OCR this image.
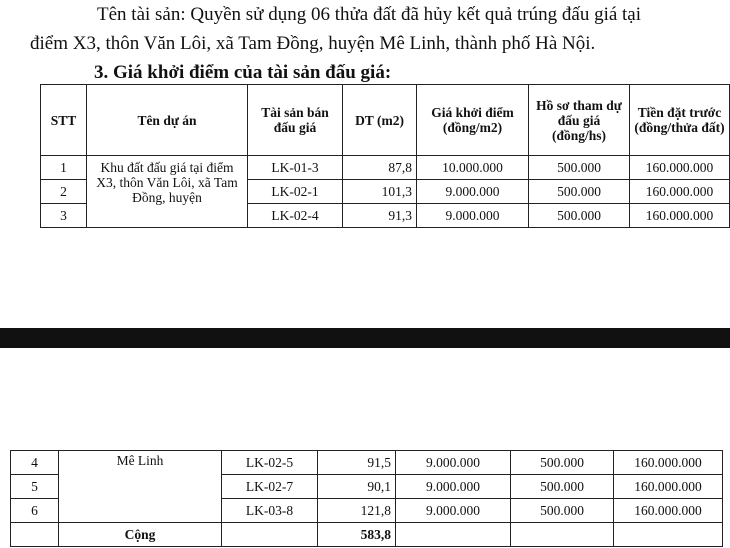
Tên tài sản: Quyền sử dụng 06 thửa đất đã hủy kết quả trúng đấu giá tại
điểm X3, thôn Văn Lôi, xã Tam Đồng, huyện Mê Linh, thành phố Hà Nội.
3. Giá khởi điểm của tài sản đấu giá:
STT	Tên dự án	Tài sản bán đấu giá	DT (m2)	Giá khởi điểm (đồng/m2)	Hồ sơ tham dự đấu giá (đồng/hs)	Tiền đặt trước (đồng/thửa đất)
1	Khu đất đấu giá tại điểm X3, thôn Văn Lôi, xã Tam Đồng, huyện	LK-01-3	87,8	10.000.000	500.000	160.000.000
2		LK-02-1	101,3	9.000.000	500.000	160.000.000
3		LK-02-4	91,3	9.000.000	500.000	160.000.000
4	Mê Linh	LK-02-5	91,5	9.000.000	500.000	160.000.000
5		LK-02-7	90,1	9.000.000	500.000	160.000.000
6		LK-03-8	121,8	9.000.000	500.000	160.000.000
	Cộng		583,8			
